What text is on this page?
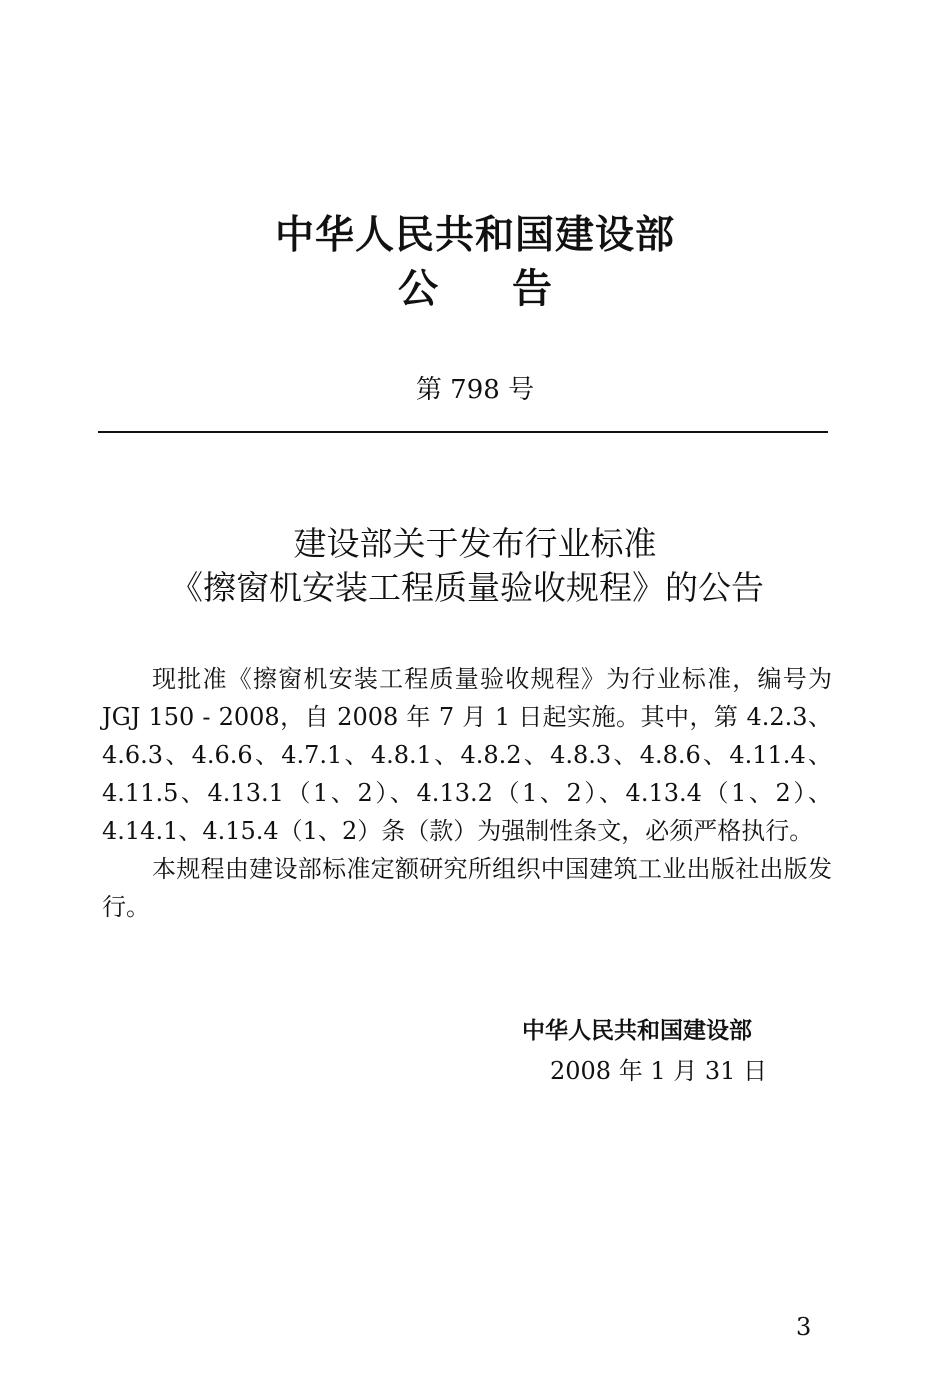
中华人民共和国建设部
公告
第 798 号
建设部关于发布行业标准
《擦窗机安装工程质量验收规程》的公告

现批准《擦窗机安装工程质量验收规程》为行业标准，编号为 JGJ 150 - 2008，自 2008 年 7 月 1 日起实施。其中，第 4.2.3、4.6.3、4.6.6、4.7.1、4.8.1、4.8.2、4.8.3、4.8.6、4.11.4、4.11.5、4.13.1（1、2）、4.13.2（1、2）、4.13.4（1、2）、4.14.1、4.15.4（1、2）条（款）为强制性条文，必须严格执行。

本规程由建设部标准定额研究所组织中国建筑工业出版社出版发行。

中华人民共和国建设部
2008 年 1 月 31 日
3
